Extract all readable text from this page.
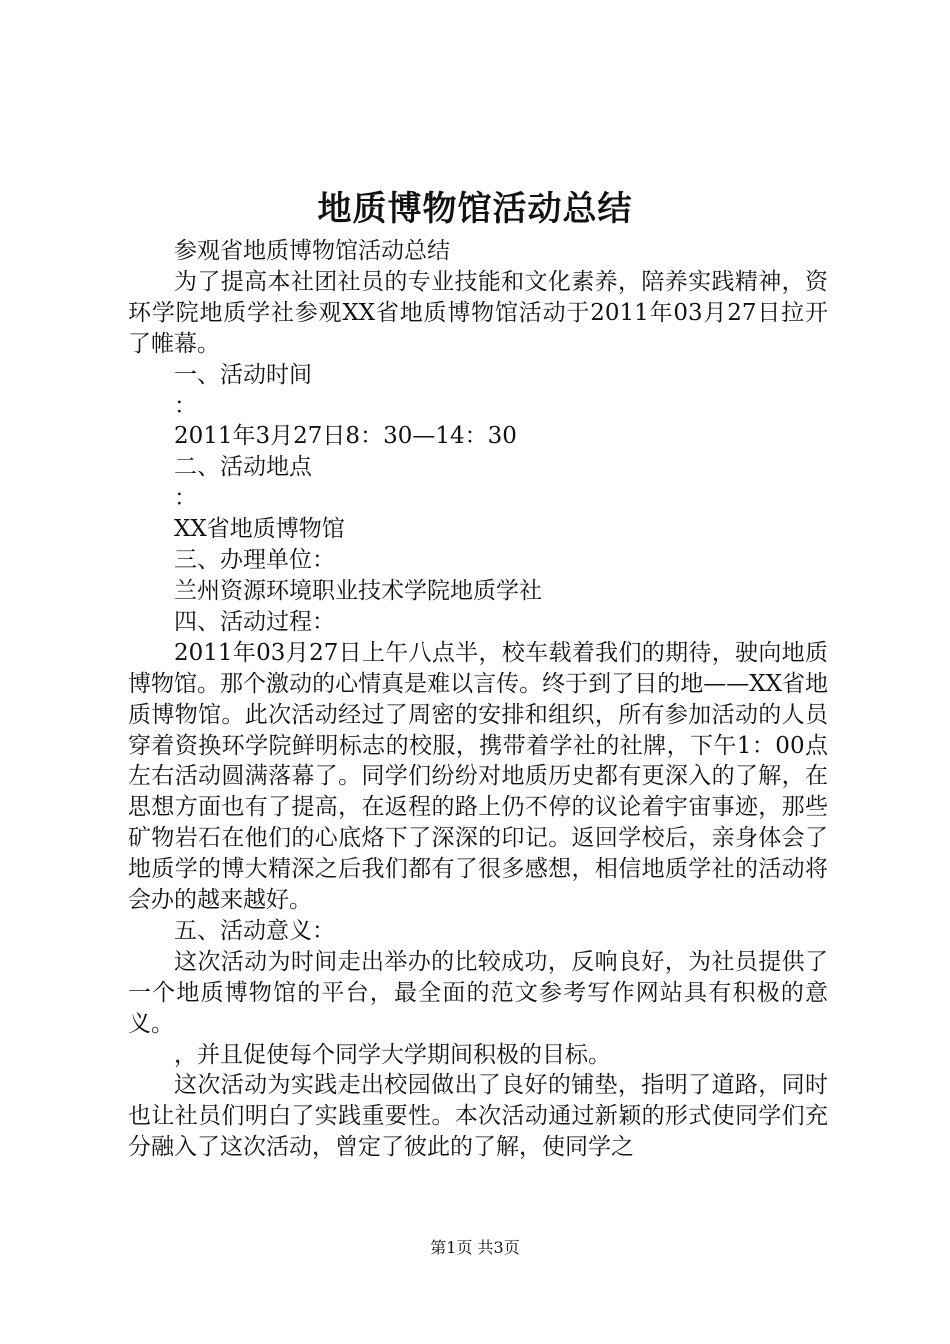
地质博物馆活动总结

参观省地质博物馆活动总结

为了提高本社团社员的专业技能和文化素养，陪养实践精神，资环学院地质学社参观XX省地质博物馆活动于2011年03月27日拉开了帷幕。

一、活动时间

：

2011年3月27日8：30—14：30

二、活动地点

：

XX省地质博物馆

三、办理单位：

兰州资源环境职业技术学院地质学社

四、活动过程：

2011年03月27日上午八点半，校车载着我们的期待，驶向地质博物馆。那个激动的心情真是难以言传。终于到了目的地——XX省地质博物馆。此次活动经过了周密的安排和组织，所有参加活动的人员穿着资换环学院鲜明标志的校服，携带着学社的社牌，下午1：00点左右活动圆满落幕了。同学们纷纷对地质历史都有更深入的了解，在思想方面也有了提高，在返程的路上仍不停的议论着宇宙事迹，那些矿物岩石在他们的心底烙下了深深的印记。返回学校后，亲身体会了地质学的博大精深之后我们都有了很多感想，相信地质学社的活动将会办的越来越好。

五、活动意义：

这次活动为时间走出举办的比较成功，反响良好，为社员提供了一个地质博物馆的平台，最全面的范文参考写作网站具有积极的意义。

，并且促使每个同学大学期间积极的目标。

这次活动为实践走出校园做出了良好的铺垫，指明了道路，同时也让社员们明白了实践重要性。本次活动通过新颖的形式使同学们充分融入了这次活动，曾定了彼此的了解，使同学之

第1页 共3页
